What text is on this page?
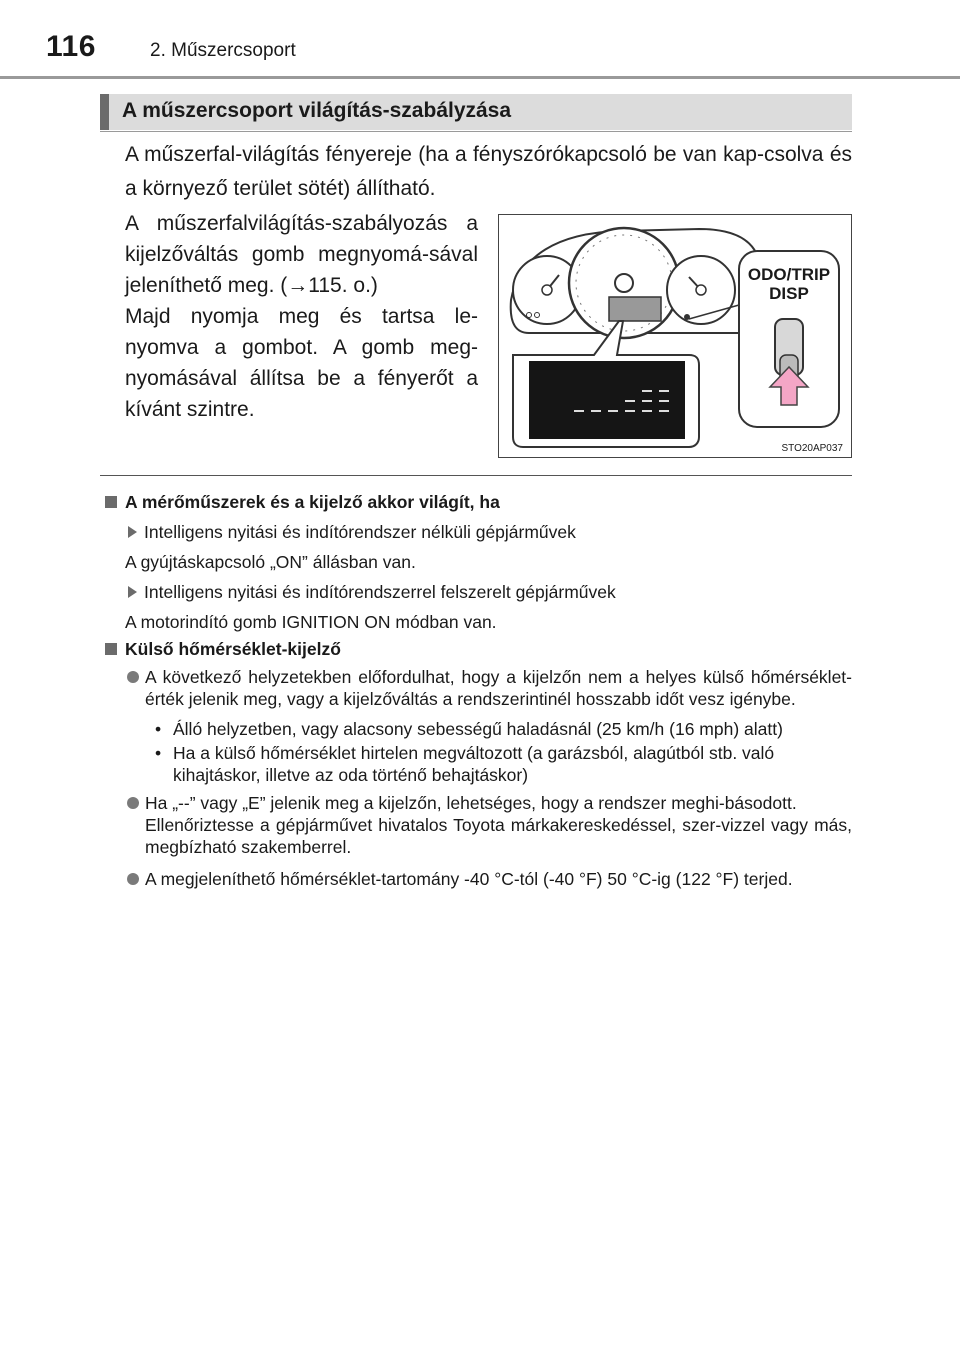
116	2. Műszercsoport
A műszercsoport világítás-szabályzása
A műszerfal-világítás fényereje (ha a fényszórókapcsoló be van kap-csolva és a környező terület sötét) állítható.

A műszerfalvilágítás-szabályozás a kijelzőváltás gomb megnyomá-sával jeleníthető meg. (→115. o.)

Majd nyomja meg és tartsa le-nyomva a gombot. A gomb meg-nyomásával állítsa be a fényerőt a kívánt szintre.

ODO/TRIP
DISP
STO20AP037
A mérőműszerek és a kijelző akkor világít, ha
Intelligens nyitási és indítórendszer nélküli gépjárművek
A gyújtáskapcsoló „ON” állásban van.
Intelligens nyitási és indítórendszerrel felszerelt gépjárművek
A motorindító gomb IGNITION ON módban van.
Külső hőmérséklet-kijelző
A következő helyzetekben előfordulhat, hogy a kijelzőn nem a helyes külső hőmérséklet-érték jelenik meg, vagy a kijelzőváltás a rendszerintinél hosszabb időt vesz igénybe.
• Álló helyzetben, vagy alacsony sebességű haladásnál (25 km/h (16 mph) alatt)
• Ha a külső hőmérséklet hirtelen megváltozott (a garázsból, alagútból stb. való kihajtáskor, illetve az oda történő behajtáskor)
Ha „--” vagy „E” jelenik meg a kijelzőn, lehetséges, hogy a rendszer meghi-básodott.
Ellenőriztesse a gépjárművet hivatalos Toyota márkakereskedéssel, szer-vizzel vagy más, megbízható szakemberrel.
A megjeleníthető hőmérséklet-tartomány -40 °C-tól (-40 °F) 50 °C-ig (122 °F) terjed.
